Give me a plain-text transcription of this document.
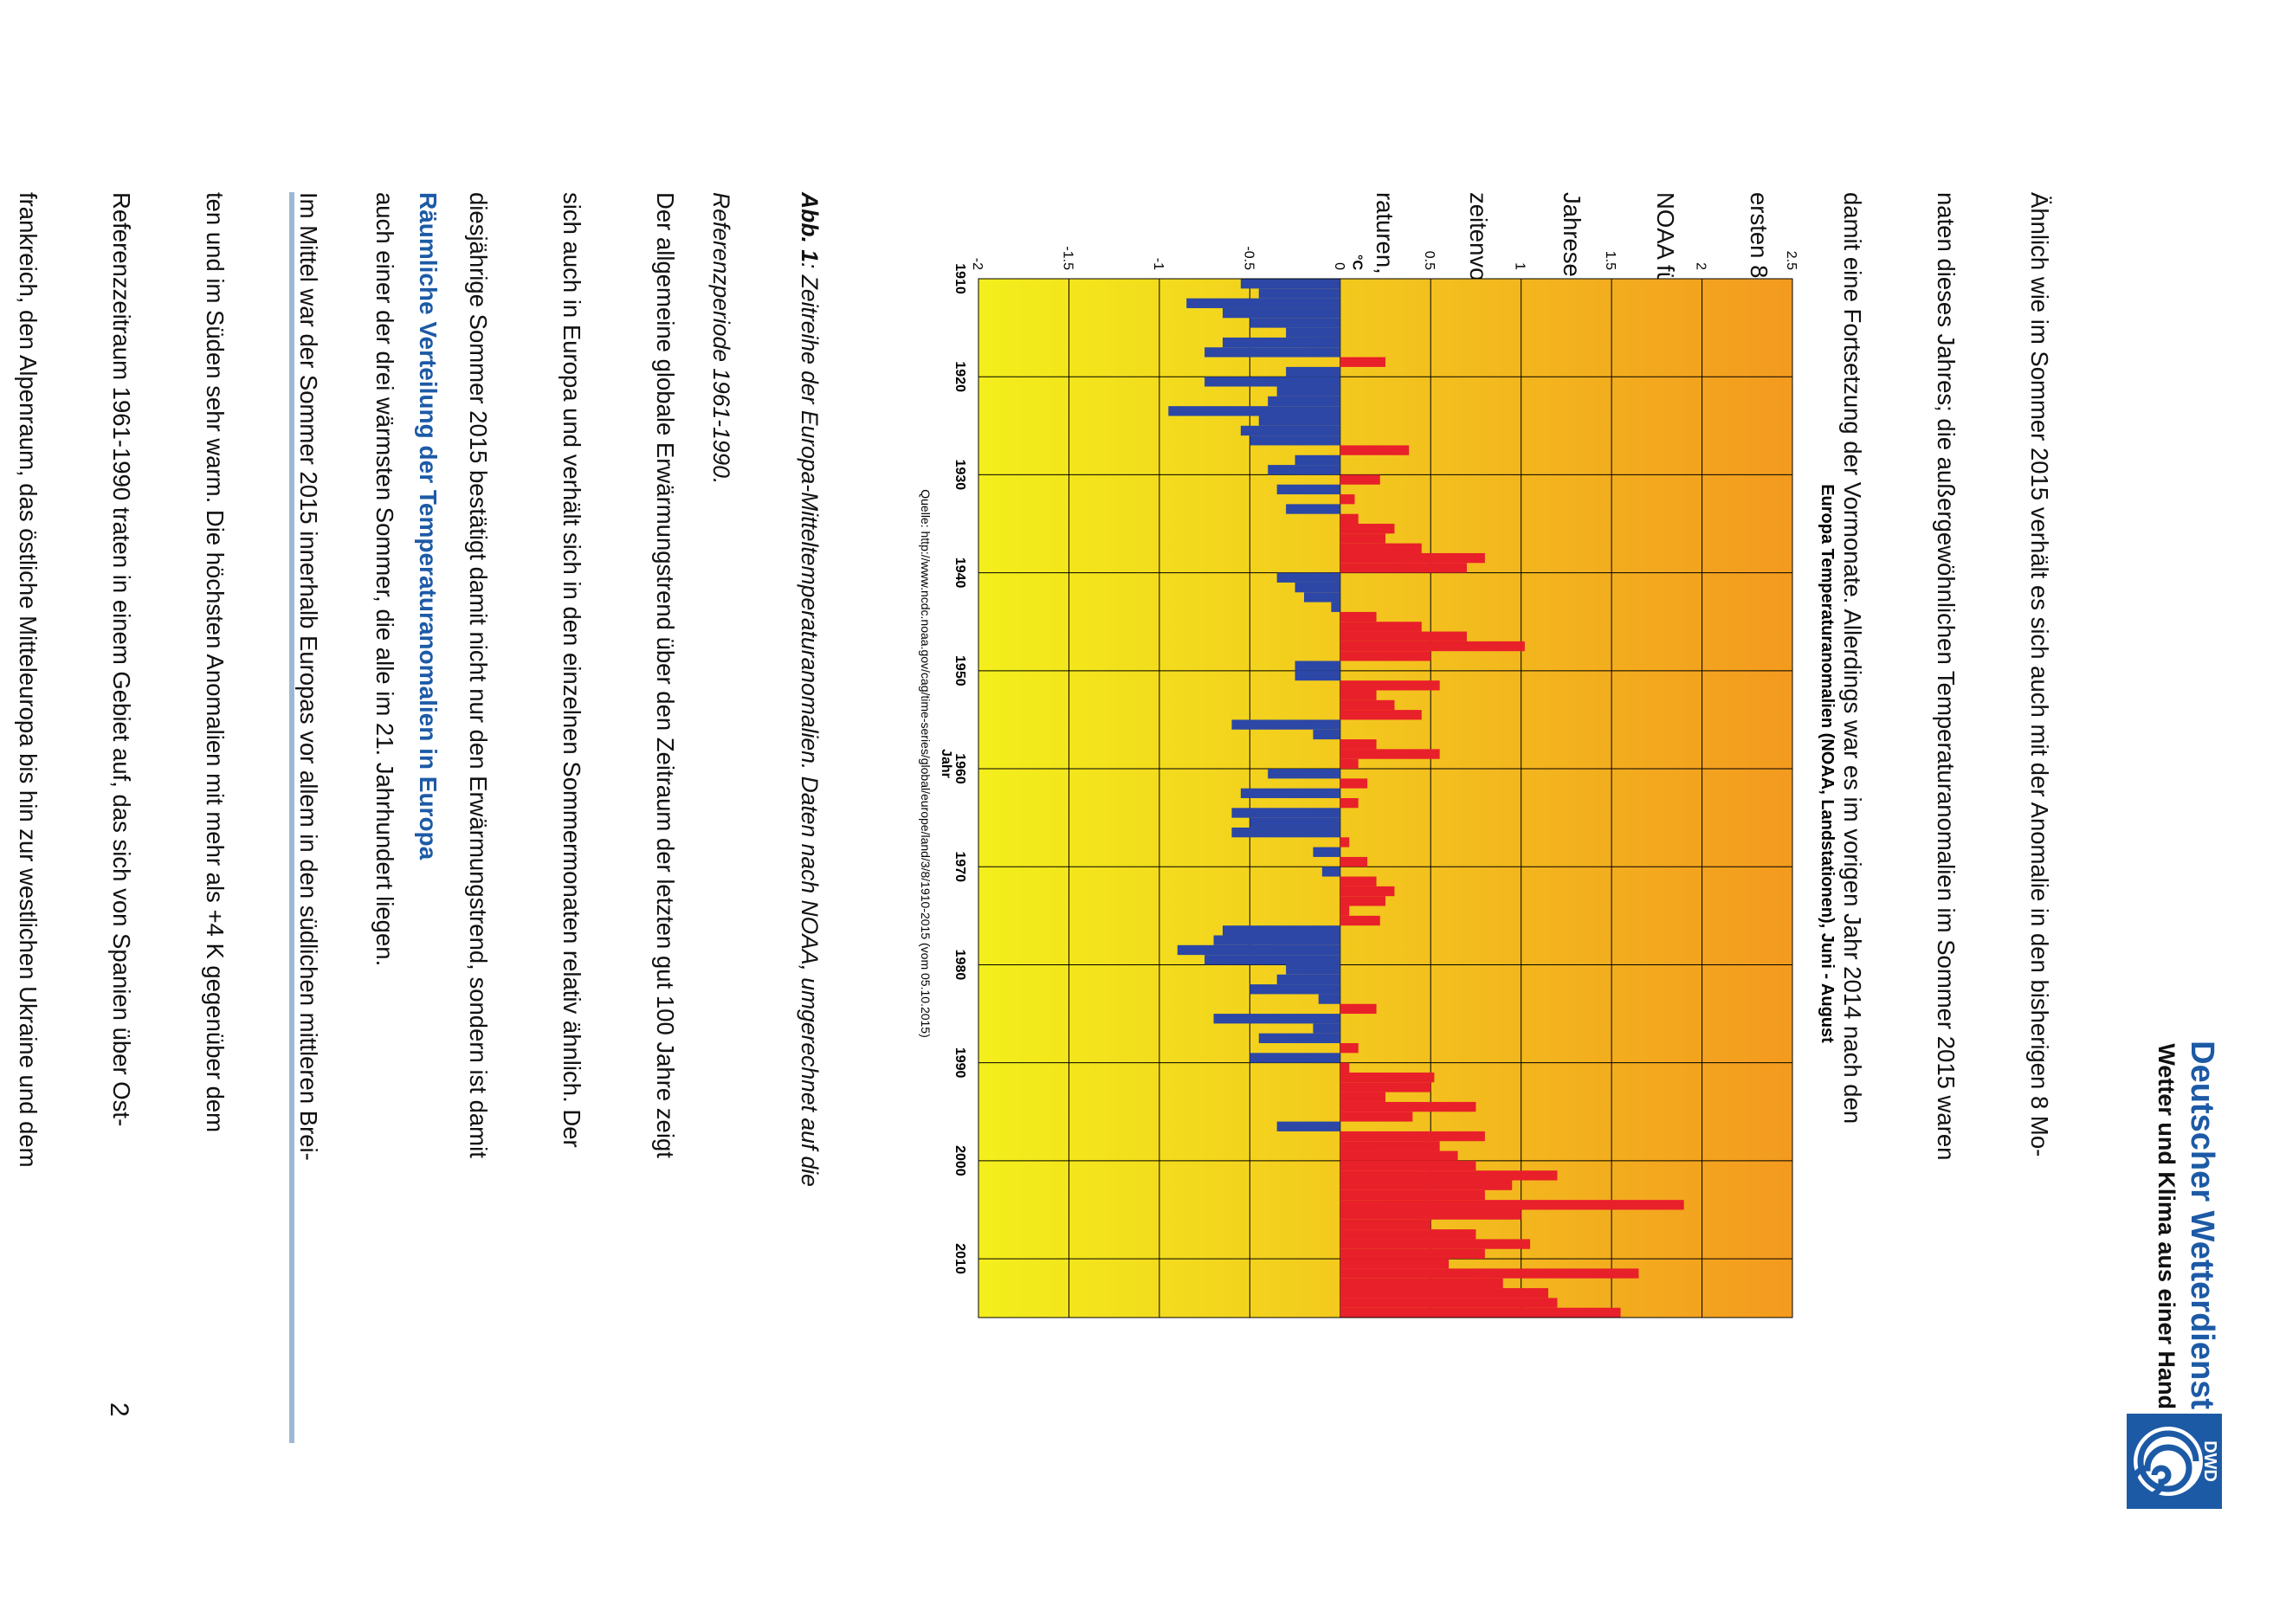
DWD
Deutscher Wetterdienst
Wetter und Klima aus einer Hand

Ähnlich wie im Sommer 2015 verhält es sich auch mit der Anomalie in den bisherigen 8 Mo-

naten dieses Jahres; die außergewöhnlichen Temperaturanomalien im Sommer 2015 waren

damit eine Fortsetzung der Vormonate. Allerdings war es im vorigen Jahr 2014 nach den

Europa Temperaturanomalien (NOAA, Landstationen), Juni - August
-2	-1.5	-1	-0.5	0	0.5	1	1.5	2	2.5
°C
1910
1920
1930
1940
1950
1960
1970
1980
1990
2000
2010
Jahr
Quelle: http://www.ncdc.noaa.gov/cag/time-series/global/europe/land/3/8/1910-2015 (vom 05.10.2015)

Abb. 1: Zeitreihe der Europa-Mitteltemperaturanomalien. Daten nach NOAA, umgerechnet auf die

Referenzperiode 1961-1990.

Der allgemeine globale Erwärmungstrend über den Zeitraum der letzten gut 100 Jahre zeigt

sich auch in Europa und verhält sich in den einzelnen Sommermonaten relativ ähnlich. Der

diesjährige Sommer 2015 bestätigt damit nicht nur den Erwärmungstrend, sondern ist damit

auch einer der drei wärmsten Sommer, die alle im 21. Jahrhundert liegen.

Räumliche Verteilung der Temperaturanomalien in Europa

Im Mittel war der Sommer 2015 innerhalb Europas vor allem in den südlichen mittleren Brei-

ten und im Süden sehr warm. Die höchsten Anomalien mit mehr als +4 K gegenüber dem

Referenzzeitraum 1961-1990 traten in einem Gebiet auf, das sich von Spanien über Ost-

frankreich, den Alpenraum, das östliche Mitteleuropa bis hin zur westlichen Ukraine und dem

2
